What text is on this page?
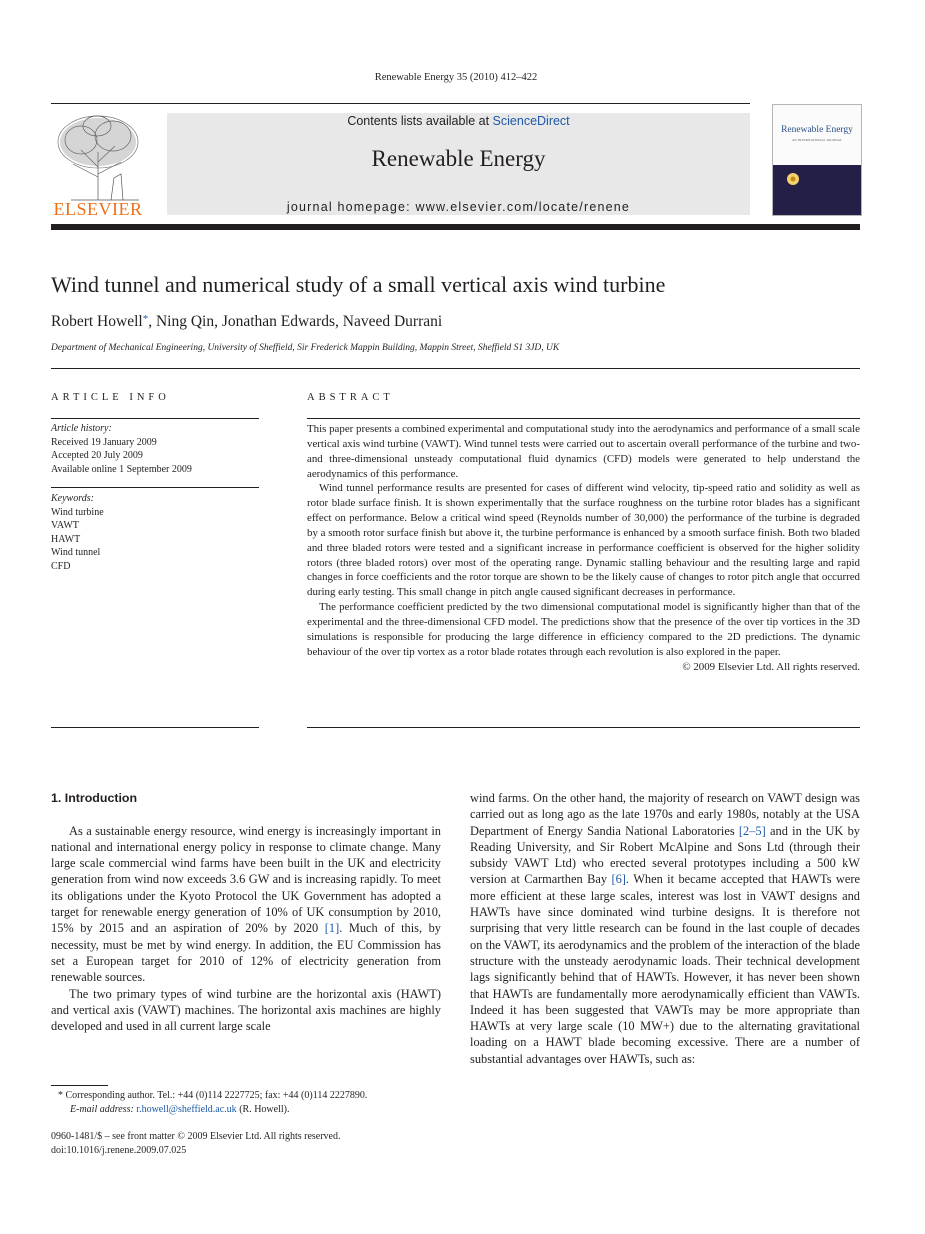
Renewable Energy 35 (2010) 412–422
ELSEVIER
Contents lists available at ScienceDirect
Renewable Energy
journal homepage: www.elsevier.com/locate/renene
Renewable Energy
AN INTERNATIONAL JOURNAL
Wind tunnel and numerical study of a small vertical axis wind turbine
Robert Howell*, Ning Qin, Jonathan Edwards, Naveed Durrani
Department of Mechanical Engineering, University of Sheffield, Sir Frederick Mappin Building, Mappin Street, Sheffield S1 3JD, UK
ARTICLE INFO
Article history:
Received 19 January 2009
Accepted 20 July 2009
Available online 1 September 2009
Keywords:
Wind turbine
VAWT
HAWT
Wind tunnel
CFD
ABSTRACT

This paper presents a combined experimental and computational study into the aerodynamics and performance of a small scale vertical axis wind turbine (VAWT). Wind tunnel tests were carried out to ascertain overall performance of the turbine and two- and three-dimensional unsteady computational fluid dynamics (CFD) models were generated to help understand the aerodynamics of this performance.

Wind tunnel performance results are presented for cases of different wind velocity, tip-speed ratio and solidity as well as rotor blade surface finish. It is shown experimentally that the surface roughness on the turbine rotor blades has a significant effect on performance. Below a critical wind speed (Reynolds number of 30,000) the performance of the turbine is degraded by a smooth rotor surface finish but above it, the turbine performance is enhanced by a smooth surface finish. Both two bladed and three bladed rotors were tested and a significant increase in performance coefficient is observed for the higher solidity rotors (three bladed rotors) over most of the operating range. Dynamic stalling behaviour and the resulting large and rapid changes in force coefficients and the rotor torque are shown to be the likely cause of changes to rotor pitch angle that occurred during early testing. This small change in pitch angle caused significant decreases in performance.

The performance coefficient predicted by the two dimensional computational model is significantly higher than that of the experimental and the three-dimensional CFD model. The predictions show that the presence of the over tip vortices in the 3D simulations is responsible for producing the large difference in efficiency compared to the 2D predictions. The dynamic behaviour of the over tip vortex as a rotor blade rotates through each revolution is also explored in the paper.

© 2009 Elsevier Ltd. All rights reserved.

1. Introduction

As a sustainable energy resource, wind energy is increasingly important in national and international energy policy in response to climate change. Many large scale commercial wind farms have been built in the UK and electricity generation from wind now exceeds 3.6 GW and is increasing rapidly. To meet its obligations under the Kyoto Protocol the UK Government has adopted a target for renewable energy generation of 10% of UK consumption by 2010, 15% by 2015 and an aspiration of 20% by 2020 [1]. Much of this, by necessity, must be met by wind energy. In addition, the EU Commission has set a European target for 2010 of 12% of electricity generation from renewable sources.

The two primary types of wind turbine are the horizontal axis (HAWT) and vertical axis (VAWT) machines. The horizontal axis machines are highly developed and used in all current large scale

wind farms. On the other hand, the majority of research on VAWT design was carried out as long ago as the late 1970s and early 1980s, notably at the USA Department of Energy Sandia National Laboratories [2–5] and in the UK by Reading University, and Sir Robert McAlpine and Sons Ltd (through their subsidy VAWT Ltd) who erected several prototypes including a 500 kW version at Carmarthen Bay [6]. When it became accepted that HAWTs were more efficient at these large scales, interest was lost in VAWT designs and HAWTs have since dominated wind turbine designs. It is therefore not surprising that very little research can be found in the last couple of decades on the VAWT, its aerodynamics and the problem of the interaction of the blade structure with the unsteady aerodynamic loads. Their technical development lags significantly behind that of HAWTs. However, it has never been shown that HAWTs are fundamentally more aerodynamically efficient than VAWTs. Indeed it has been suggested that VAWTs may be more appropriate than HAWTs at very large scale (10 MW+) due to the alternating gravitational loading on a HAWT blade becoming excessive. There are a number of substantial advantages over HAWTs, such as:

* Corresponding author. Tel.: +44 (0)114 2227725; fax: +44 (0)114 2227890.
E-mail address: r.howell@sheffield.ac.uk (R. Howell).
0960-1481/$ – see front matter © 2009 Elsevier Ltd. All rights reserved.
doi:10.1016/j.renene.2009.07.025
